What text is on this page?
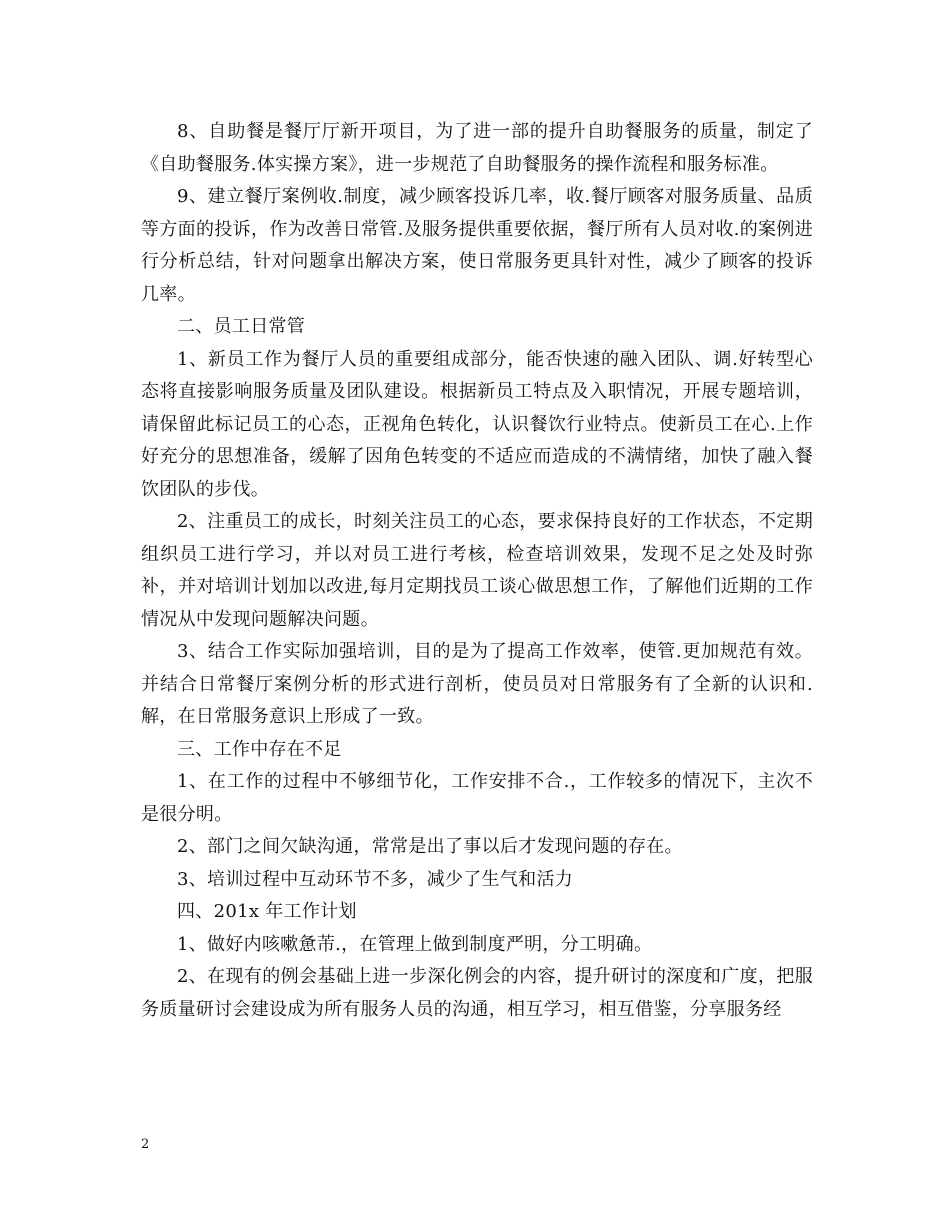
8、自助餐是餐厅厅新开项目，为了进一部的提升自助餐服务的质量，制定了《自助餐服务.体实操方案》，进一步规范了自助餐服务的操作流程和服务标准。

9、建立餐厅案例收.制度，减少顾客投诉几率，收.餐厅顾客对服务质量、品质等方面的投诉，作为改善日常管.及服务提供重要依据，餐厅所有人员对收.的案例进行分析总结，针对问题拿出解决方案，使日常服务更具针对性，减少了顾客的投诉几率。

二、员工日常管

1、新员工作为餐厅人员的重要组成部分，能否快速的融入团队、调.好转型心态将直接影响服务质量及团队建设。根据新员工特点及入职情况，开展专题培训，请保留此标记员工的心态，正视角色转化，认识餐饮行业特点。使新员工在心.上作好充分的思想准备，缓解了因角色转变的不适应而造成的不满情绪，加快了融入餐饮团队的步伐。

2、注重员工的成长，时刻关注员工的心态，要求保持良好的工作状态，不定期组织员工进行学习，并以对员工进行考核，检查培训效果，发现不足之处及时弥补，并对培训计划加以改进,每月定期找员工谈心做思想工作，了解他们近期的工作情况从中发现问题解决问题。

3、结合工作实际加强培训，目的是为了提高工作效率，使管.更加规范有效。并结合日常餐厅案例分析的形式进行剖析，使员员对日常服务有了全新的认识和.解，在日常服务意识上形成了一致。

三、工作中存在不足

1、在工作的过程中不够细节化，工作安排不合.，工作较多的情况下，主次不是很分明。

2、部门之间欠缺沟通，常常是出了事以后才发现问题的存在。

3、培训过程中互动环节不多，减少了生气和活力

四、201x 年工作计划

1、做好内咳嗽惫芾.，在管理上做到制度严明，分工明确。

2、在现有的例会基础上进一步深化例会的内容，提升研讨的深度和广度，把服务质量研讨会建设成为所有服务人员的沟通，相互学习，相互借鉴，分享服务经

2
